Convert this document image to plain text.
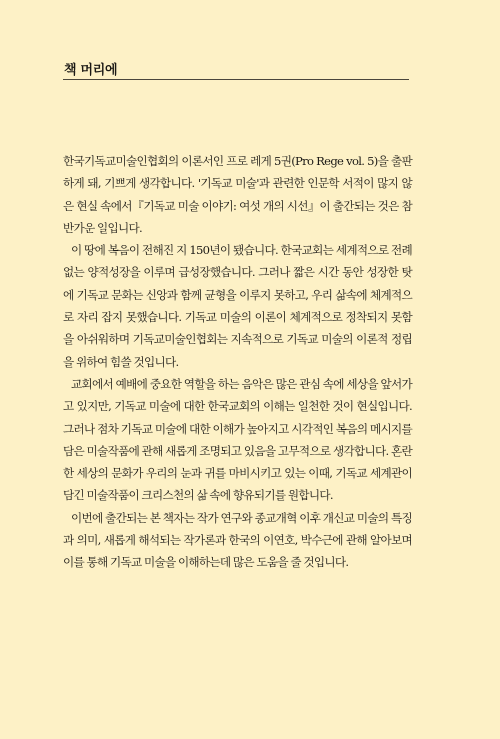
책 머리에

한국기독교미술인협회의 이론서인 프로 레게 5권(Pro Rege vol. 5)을 출판하게 돼, 기쁘게 생각합니다. '기독교 미술'과 관련한 인문학 서적이 많지 않은 현실 속에서『기독교 미술 이야기: 여섯 개의 시선』이 출간되는 것은 참 반가운 일입니다.

이 땅에 복음이 전해진 지 150년이 됐습니다. 한국교회는 세계적으로 전례 없는 양적성장을 이루며 급성장했습니다. 그러나 짧은 시간 동안 성장한 탓에 기독교 문화는 신앙과 함께 균형을 이루지 못하고, 우리 삶속에 체계적으로 자리 잡지 못했습니다. 기독교 미술의 이론이 체계적으로 정착되지 못함을 아쉬워하며 기독교미술인협회는 지속적으로 기독교 미술의 이론적 정립을 위하여 힘쓸 것입니다.

교회에서 예배에 중요한 역할을 하는 음악은 많은 관심 속에 세상을 앞서가고 있지만, 기독교 미술에 대한 한국교회의 이해는 일천한 것이 현실입니다. 그러나 점차 기독교 미술에 대한 이해가 높아지고 시각적인 복음의 메시지를 담은 미술작품에 관해 새롭게 조명되고 있음을 고무적으로 생각합니다. 혼란한 세상의 문화가 우리의 눈과 귀를 마비시키고 있는 이때, 기독교 세계관이 담긴 미술작품이 크리스천의 삶 속에 향유되기를 원합니다.

이번에 출간되는 본 책자는 작가 연구와 종교개혁 이후 개신교 미술의 특징과 의미, 새롭게 해석되는 작가론과 한국의 이연호, 박수근에 관해 알아보며 이를 통해 기독교 미술을 이해하는데 많은 도움을 줄 것입니다.
